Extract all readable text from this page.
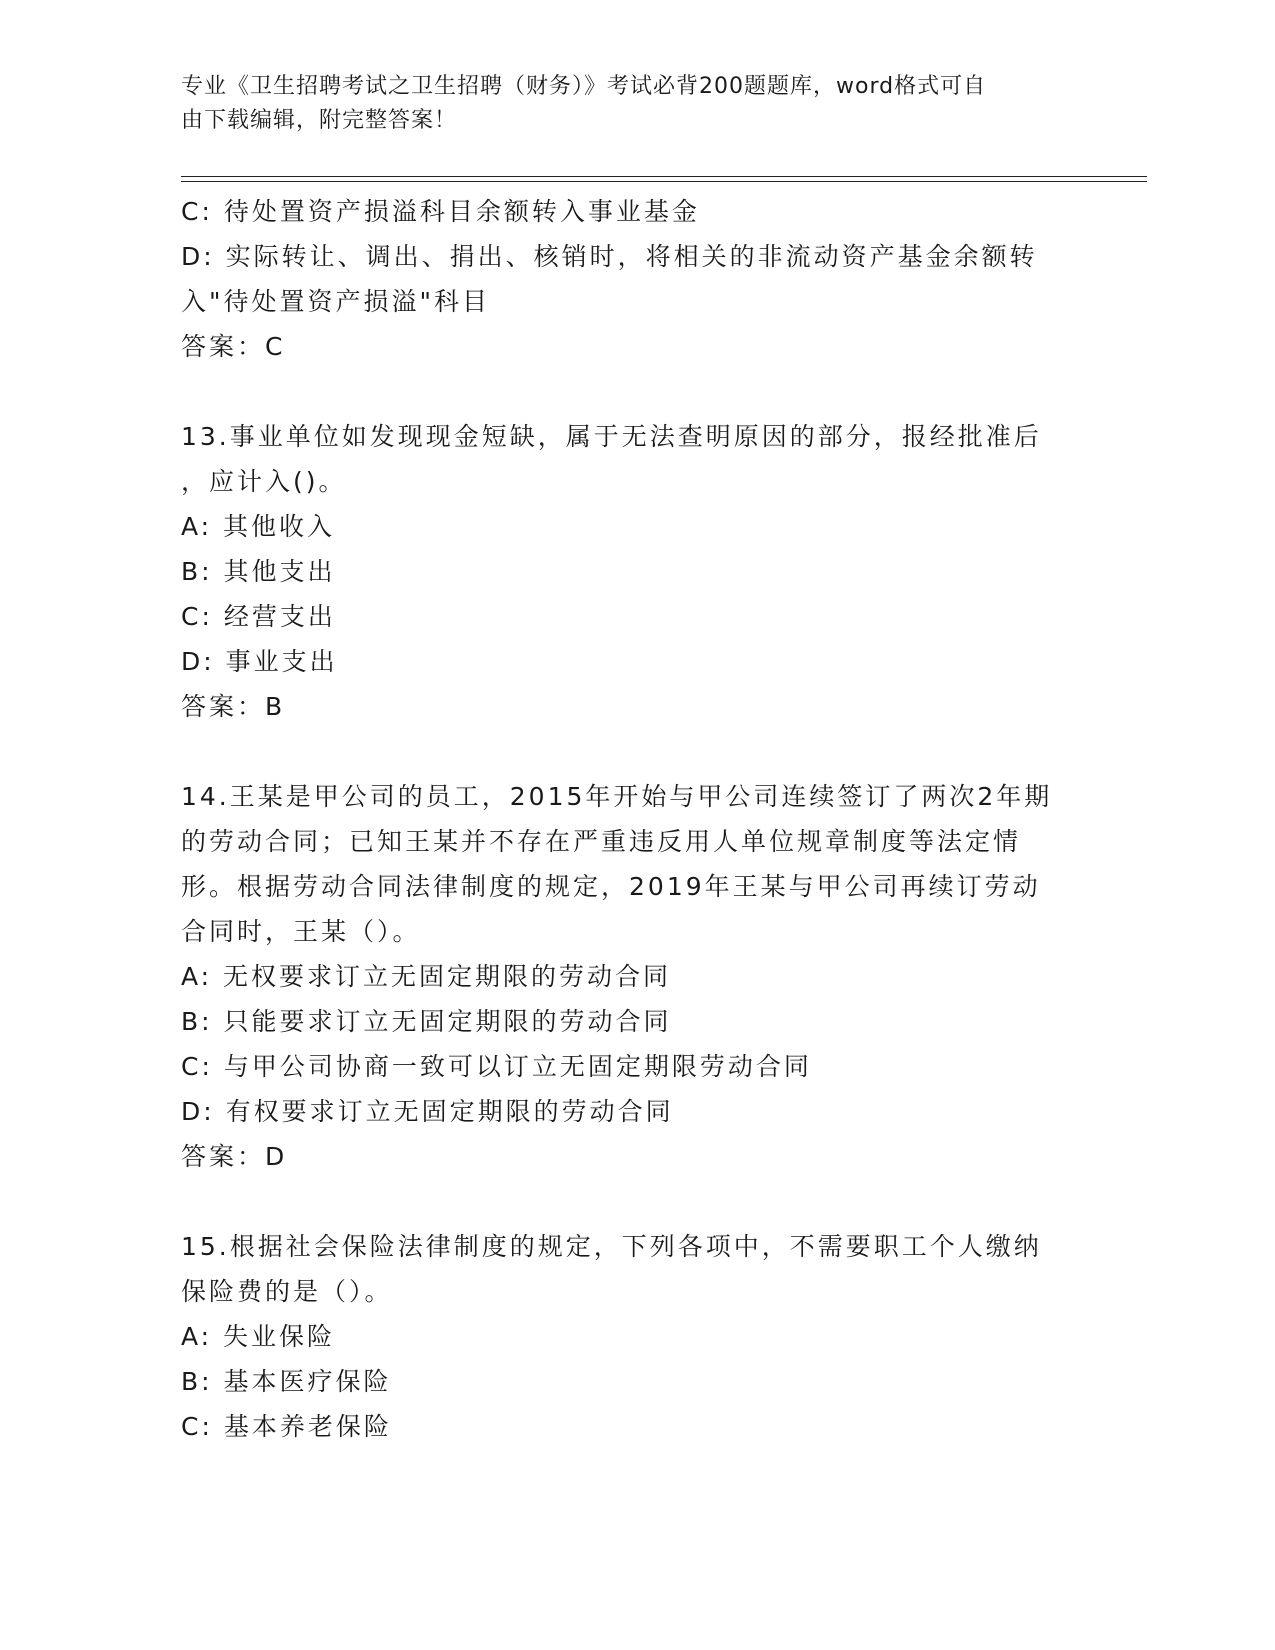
专业《卫生招聘考试之卫生招聘（财务）》考试必背200题题库，word格式可自
由下载编辑，附完整答案！
C: 待处置资产损溢科目余额转入事业基金
D: 实际转让、调出、捐出、核销时，将相关的非流动资产基金余额转
入"待处置资产损溢"科目
答案：C
13.事业单位如发现现金短缺，属于无法查明原因的部分，报经批准后
，应计入()。
A: 其他收入
B: 其他支出
C: 经营支出
D: 事业支出
答案：B
14.王某是甲公司的员工，2015年开始与甲公司连续签订了两次2年期
的劳动合同；已知王某并不存在严重违反用人单位规章制度等法定情
形。根据劳动合同法律制度的规定，2019年王某与甲公司再续订劳动
合同时，王某（）。
A: 无权要求订立无固定期限的劳动合同
B: 只能要求订立无固定期限的劳动合同
C: 与甲公司协商一致可以订立无固定期限劳动合同
D: 有权要求订立无固定期限的劳动合同
答案：D
15.根据社会保险法律制度的规定，下列各项中，不需要职工个人缴纳
保险费的是（）。
A: 失业保险
B: 基本医疗保险
C: 基本养老保险
